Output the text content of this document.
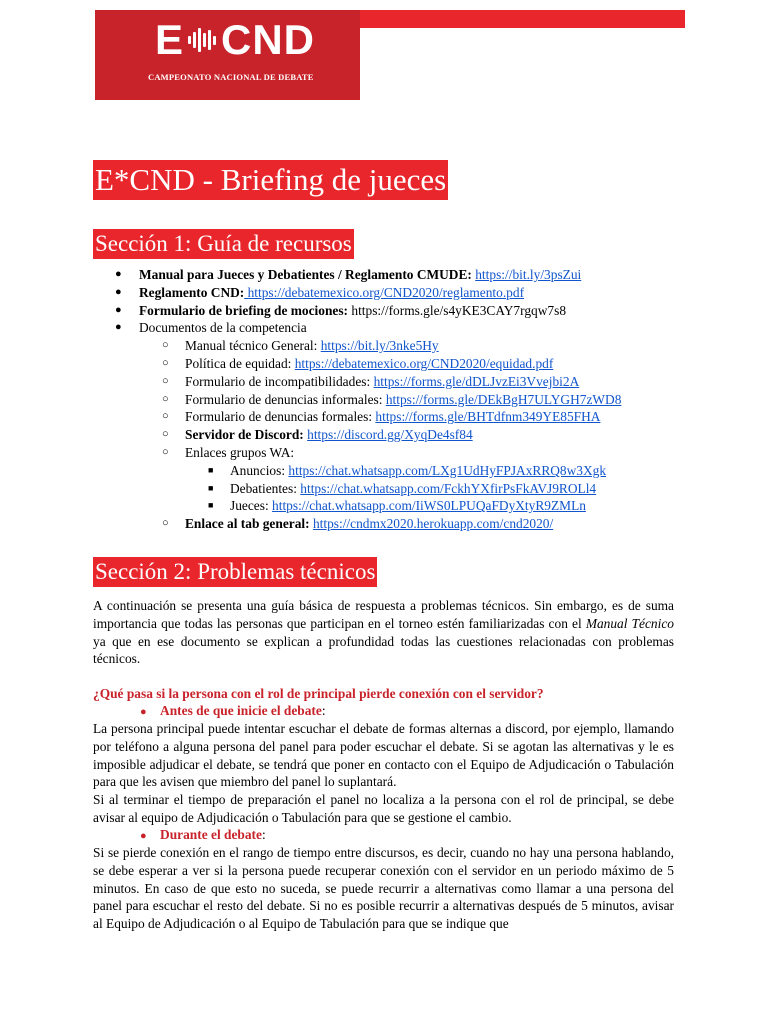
E CND
CAMPEONATO NACIONAL DE DEBATE
E*CND - Briefing de jueces
Sección 1: Guía de recursos
● Manual para Jueces y Debatientes / Reglamento CMUDE: https://bit.ly/3psZui
● Reglamento CND: https://debatemexico.org/CND2020/reglamento.pdf
● Formulario de briefing de mociones: https://forms.gle/s4yKE3CAY7rgqw7s8
● Documentos de la competencia
○ Manual técnico General: https://bit.ly/3nke5Hy
○ Política de equidad: https://debatemexico.org/CND2020/equidad.pdf
○ Formulario de incompatibilidades: https://forms.gle/dDLJvzEi3Vvejbi2A
○ Formulario de denuncias informales: https://forms.gle/DEkBgH7ULYGH7zWD8
○ Formulario de denuncias formales: https://forms.gle/BHTdfnm349YE85FHA
○ Servidor de Discord: https://discord.gg/XyqDe4sf84
○ Enlaces grupos WA:
■ Anuncios: https://chat.whatsapp.com/LXg1UdHyFPJAxRRQ8w3Xgk
■ Debatientes: https://chat.whatsapp.com/FckhYXfirPsFkAVJ9ROLl4
■ Jueces: https://chat.whatsapp.com/IiWS0LPUQaFDyXtyR9ZMLn
○ Enlace al tab general: https://cndmx2020.herokuapp.com/cnd2020/
Sección 2: Problemas técnicos
A continuación se presenta una guía básica de respuesta a problemas técnicos. Sin embargo, es de suma importancia que todas las personas que participan en el torneo estén familiarizadas con el Manual Técnico ya que en ese documento se explican a profundidad todas las cuestiones relacionadas con problemas técnicos.
¿Qué pasa si la persona con el rol de principal pierde conexión con el servidor?
● Antes de que inicie el debate:
La persona principal puede intentar escuchar el debate de formas alternas a discord, por ejemplo, llamando por teléfono a alguna persona del panel para poder escuchar el debate. Si se agotan las alternativas y le es imposible adjudicar el debate, se tendrá que poner en contacto con el Equipo de Adjudicación o Tabulación para que les avisen que miembro del panel lo suplantará.
Si al terminar el tiempo de preparación el panel no localiza a la persona con el rol de principal, se debe avisar al equipo de Adjudicación o Tabulación para que se gestione el cambio.
● Durante el debate:
Si se pierde conexión en el rango de tiempo entre discursos, es decir, cuando no hay una persona hablando, se debe esperar a ver si la persona puede recuperar conexión con el servidor en un periodo máximo de 5 minutos. En caso de que esto no suceda, se puede recurrir a alternativas como llamar a una persona del panel para escuchar el resto del debate. Si no es posible recurrir a alternativas después de 5 minutos, avisar al Equipo de Adjudicación o al Equipo de Tabulación para que se indique que
